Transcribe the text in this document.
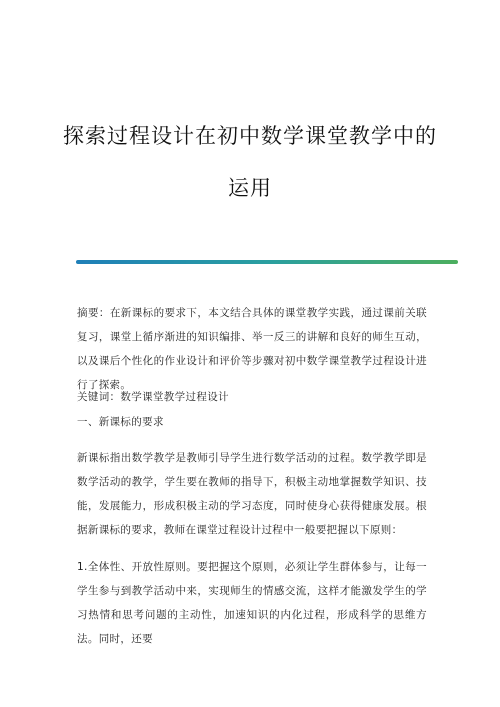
探索过程设计在初中数学课堂教学中的
运用
摘要：在新课标的要求下，本文结合具体的课堂教学实践，通过课前关联复习，课堂上循序渐进的知识编排、举一反三的讲解和良好的师生互动，以及课后个性化的作业设计和评价等步骤对初中数学课堂教学过程设计进行了探索。
关键词：数学课堂教学过程设计
一、新课标的要求
新课标指出数学教学是教师引导学生进行数学活动的过程。数学教学即是数学活动的教学，学生要在教师的指导下，积极主动地掌握数学知识、技能，发展能力，形成积极主动的学习态度，同时使身心获得健康发展。根据新课标的要求，教师在课堂过程设计过程中一般要把握以下原则：
1.全体性、开放性原则。要把握这个原则，必须让学生群体参与，让每一学生参与到教学活动中来，实现师生的情感交流，这样才能激发学生的学习热情和思考问题的主动性，加速知识的内化过程，形成科学的思维方法。同时，还要
